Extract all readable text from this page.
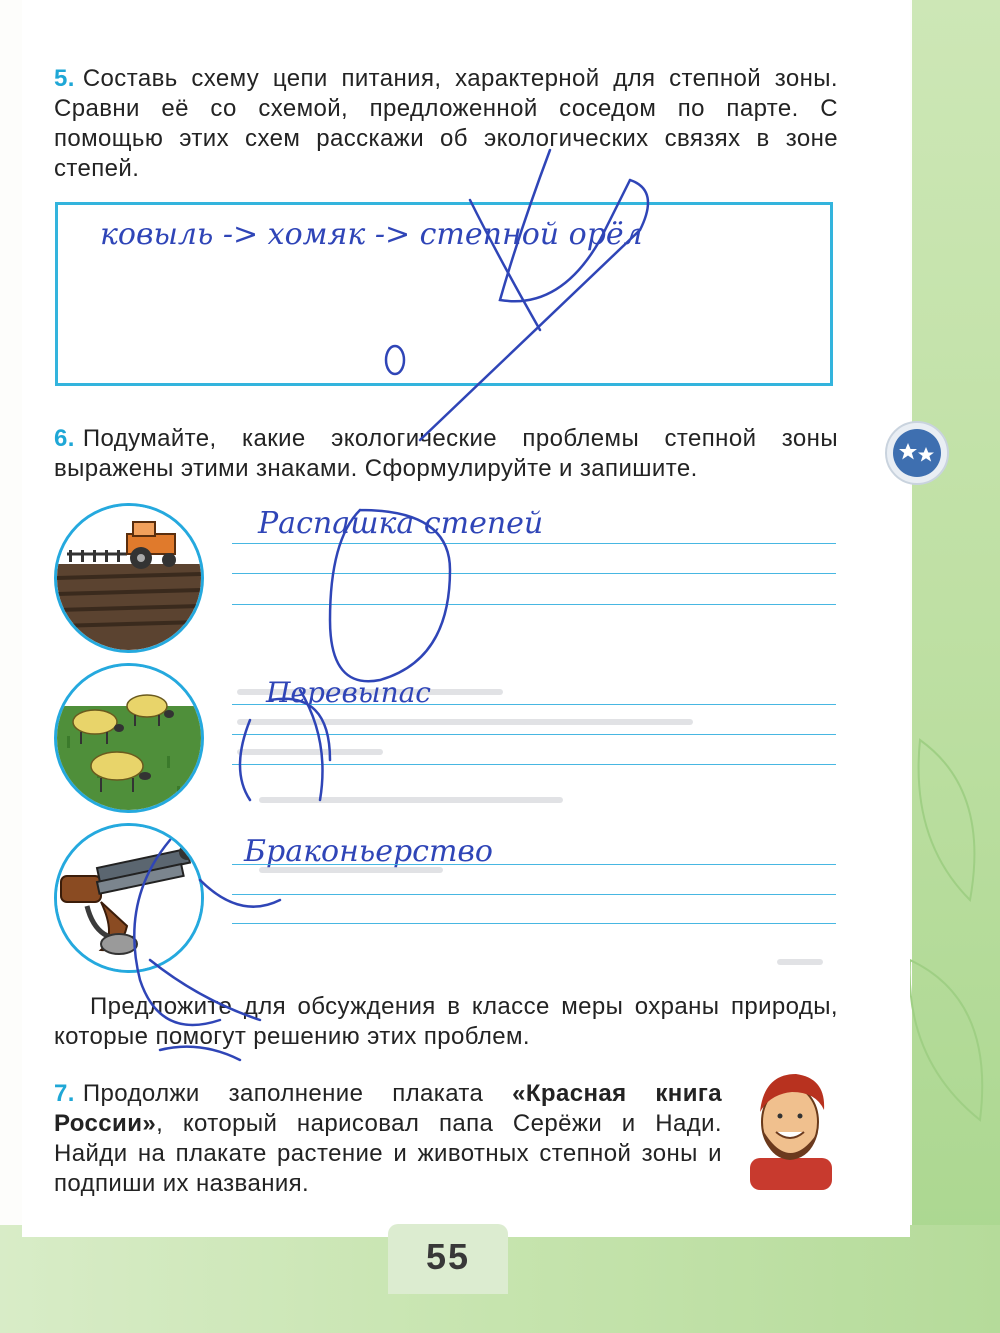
5. Составь схему цепи питания, характерной для степной зоны. Сравни её со схемой, предложенной соседом по парте. С помощью этих схем расскажи об экологических связях в зоне степей.
ковыль -> хомяк -> степной орёл
6. Подумайте, какие экологические проблемы степной зоны выражены этими знаками. Сформулируйте и запишите.
Распашка степей
Перевыпас
Браконьерство
Предложите для обсуждения в классе меры охраны природы, которые помогут решению этих проблем.
7. Продолжи заполнение плаката «Красная книга России», который нарисовал папа Серёжи и Нади. Найди на плакате растение и животных степной зоны и подпиши их названия.
55
